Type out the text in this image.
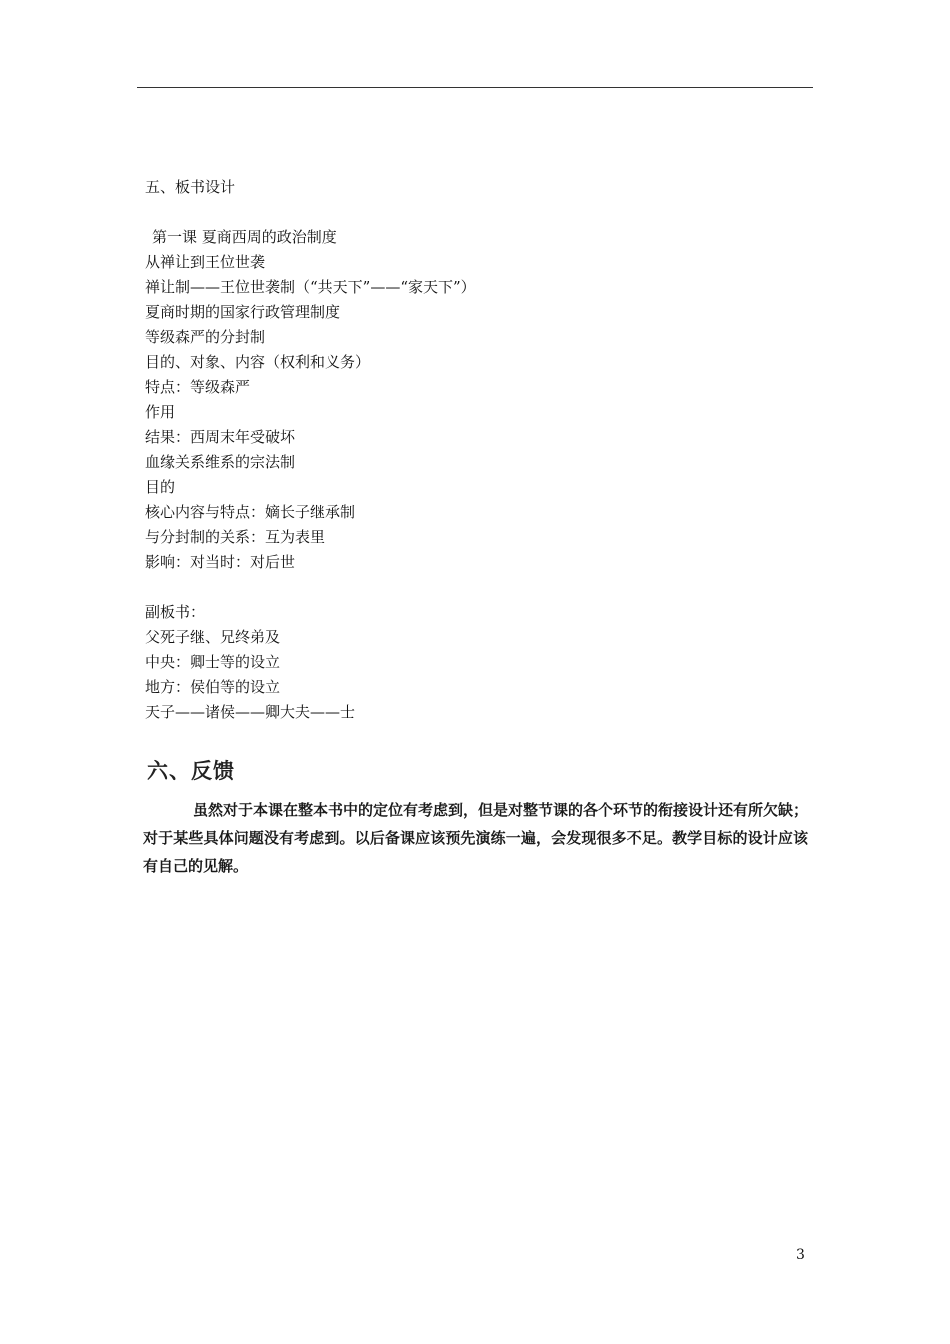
五、板书设计
第一课 夏商西周的政治制度
从禅让到王位世袭
禅让制——王位世袭制（“共天下”——“家天下”）
夏商时期的国家行政管理制度
等级森严的分封制
目的、对象、内容（权利和义务）
特点：等级森严
作用
结果：西周末年受破坏
血缘关系维系的宗法制
目的
核心内容与特点：嫡长子继承制
与分封制的关系：互为表里
影响：对当时：对后世
副板书：
父死子继、兄终弟及
中央：卿士等的设立
地方：侯伯等的设立
天子——诸侯——卿大夫——士
六、反馈
虽然对于本课在整本书中的定位有考虑到，但是对整节课的各个环节的衔接设计还有所欠缺；对于某些具体问题没有考虑到。以后备课应该预先演练一遍，会发现很多不足。教学目标的设计应该有自己的见解。
3
